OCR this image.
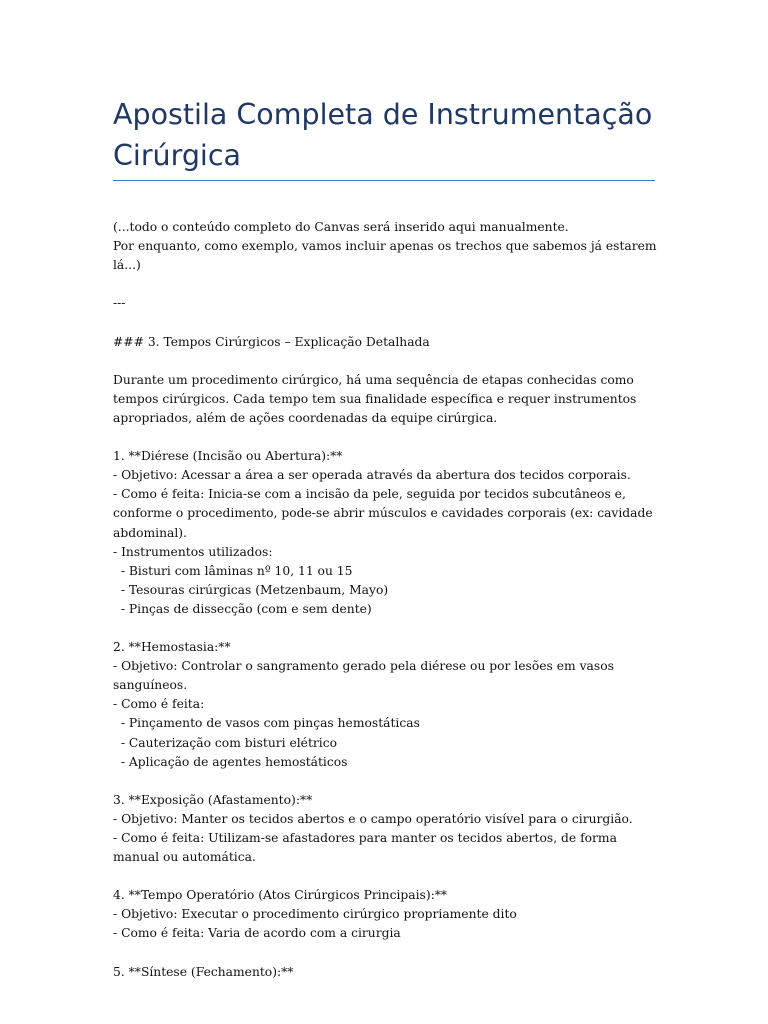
Apostila Completa de Instrumentação Cirúrgica

(...todo o conteúdo completo do Canvas será inserido aqui manualmente.
Por enquanto, como exemplo, vamos incluir apenas os trechos que sabemos já estarem lá...)

---

### 3. Tempos Cirúrgicos – Explicação Detalhada

Durante um procedimento cirúrgico, há uma sequência de etapas conhecidas como tempos cirúrgicos. Cada tempo tem sua finalidade específica e requer instrumentos apropriados, além de ações coordenadas da equipe cirúrgica.

1. **Diérese (Incisão ou Abertura):**
- Objetivo: Acessar a área a ser operada através da abertura dos tecidos corporais.
- Como é feita: Inicia-se com a incisão da pele, seguida por tecidos subcutâneos e, conforme o procedimento, pode-se abrir músculos e cavidades corporais (ex: cavidade abdominal).
- Instrumentos utilizados:
- Bisturi com lâminas nº 10, 11 ou 15
- Tesouras cirúrgicas (Metzenbaum, Mayo)
- Pinças de dissecção (com e sem dente)

2. **Hemostasia:**
- Objetivo: Controlar o sangramento gerado pela diérese ou por lesões em vasos sanguíneos.
- Como é feita:
- Pinçamento de vasos com pinças hemostáticas
- Cauterização com bisturi elétrico
- Aplicação de agentes hemostáticos

3. **Exposição (Afastamento):**
- Objetivo: Manter os tecidos abertos e o campo operatório visível para o cirurgião.
- Como é feita: Utilizam-se afastadores para manter os tecidos abertos, de forma manual ou automática.

4. **Tempo Operatório (Atos Cirúrgicos Principais):**
- Objetivo: Executar o procedimento cirúrgico propriamente dito
- Como é feita: Varia de acordo com a cirurgia

5. **Síntese (Fechamento):**
